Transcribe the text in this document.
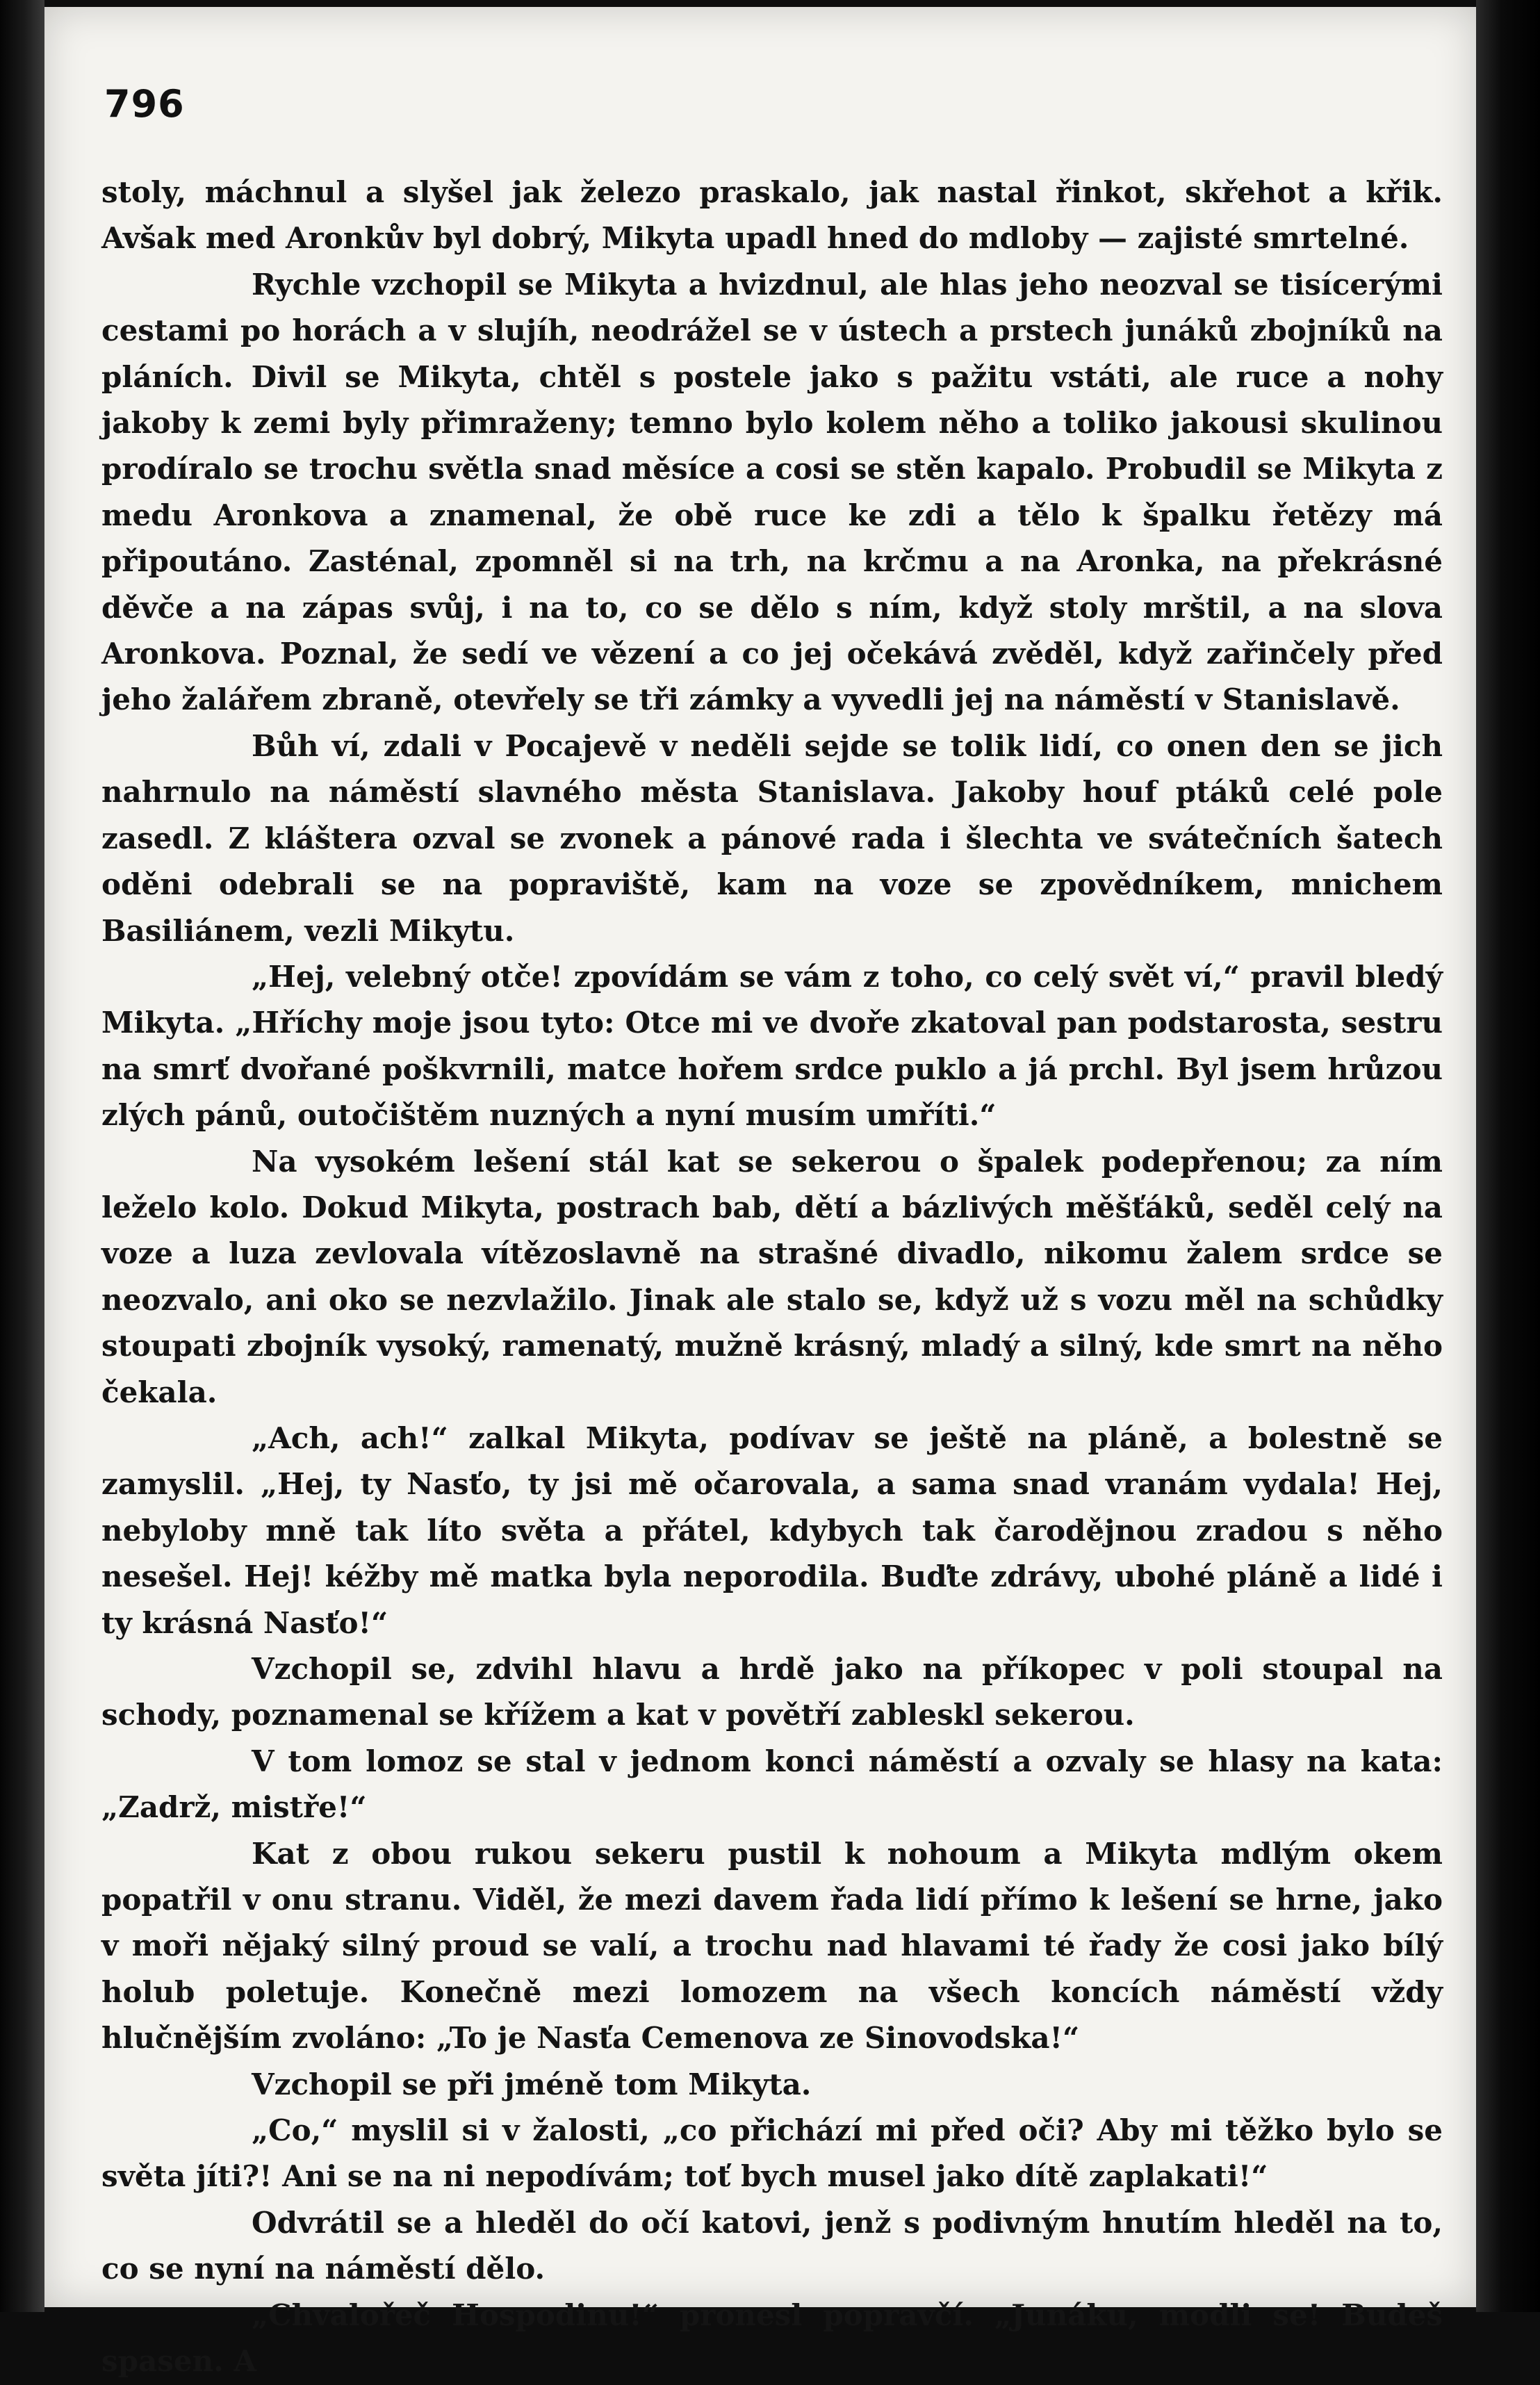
796

stoly, máchnul a slyšel jak železo praskalo, jak nastal řinkot, skřehot a křik. Avšak med Aronkův byl dobrý, Mikyta upadl hned do mdloby — zajisté smrtelné.

Rychle vzchopil se Mikyta a hvizdnul, ale hlas jeho neozval se tisícerými cestami po horách a v slujíh, neodrážel se v ústech a prstech junáků zbojníků na pláních. Divil se Mikyta, chtěl s postele jako s pažitu vstáti, ale ruce a nohy jakoby k zemi byly přimraženy; temno bylo kolem něho a toliko jakousi skulinou prodíralo se trochu světla snad měsíce a cosi se stěn kapalo. Probudil se Mikyta z medu Aronkova a znamenal, že obě ruce ke zdi a tělo k špalku řetězy má připoutáno. Zasténal, zpomněl si na trh, na krčmu a na Aronka, na překrásné děvče a na zápas svůj, i na to, co se dělo s ním, když stoly mrštil, a na slova Aronkova. Poznal, že sedí ve vězení a co jej očekává zvěděl, když zařinčely před jeho žalářem zbraně, otevřely se tři zámky a vyvedli jej na náměstí v Stanislavě.

Bůh ví, zdali v Pocajevě v neděli sejde se tolik lidí, co onen den se jich nahrnulo na náměstí slavného města Stanislava. Jakoby houf ptáků celé pole zasedl. Z kláštera ozval se zvonek a pánové rada i šlechta ve svátečních šatech oděni odebrali se na popraviště, kam na voze se zpovědníkem, mnichem Basiliánem, vezli Mikytu.

„Hej, velebný otče! zpovídám se vám z toho, co celý svět ví,“ pravil bledý Mikyta. „Hříchy moje jsou tyto: Otce mi ve dvoře zkatoval pan podstarosta, sestru na smrť dvořané poškvrnili, matce hořem srdce puklo a já prchl. Byl jsem hrůzou zlých pánů, outočištěm nuzných a nyní musím umříti.“

Na vysokém lešení stál kat se sekerou o špalek podepřenou; za ním leželo kolo. Dokud Mikyta, postrach bab, dětí a bázlivých měšťáků, seděl celý na voze a luza zevlovala vítězoslavně na strašné divadlo, nikomu žalem srdce se neozvalo, ani oko se nezvlažilo. Jinak ale stalo se, když už s vozu měl na schůdky stoupati zbojník vysoký, ramenatý, mužně krásný, mladý a silný, kde smrt na něho čekala.

„Ach, ach!“ zalkal Mikyta, podívav se ještě na pláně, a bolestně se zamyslil. „Hej, ty Nasťo, ty jsi mě očarovala, a sama snad vranám vydala! Hej, nebyloby mně tak líto světa a přátel, kdybych tak čarodějnou zradou s něho nesešel. Hej! kéžby mě matka byla neporodila. Buďte zdrávy, ubohé pláně a lidé i ty krásná Nasťo!“

Vzchopil se, zdvihl hlavu a hrdě jako na příkopec v poli stoupal na schody, poznamenal se křížem a kat v povětří zableskl sekerou.

V tom lomoz se stal v jednom konci náměstí a ozvaly se hlasy na kata: „Zadrž, mistře!“

Kat z obou rukou sekeru pustil k nohoum a Mikyta mdlým okem popatřil v onu stranu. Viděl, že mezi davem řada lidí přímo k lešení se hrne, jako v moři nějaký silný proud se valí, a trochu nad hlavami té řady že cosi jako bílý holub poletuje. Konečně mezi lomozem na všech koncích náměstí vždy hlučnějším zvoláno: „To je Nasťa Cemenova ze Sinovodska!“

Vzchopil se při jméně tom Mikyta.

„Co,“ myslil si v žalosti, „co přichází mi před oči? Aby mi těžko bylo se světa jíti?! Ani se na ni nepodívám; toť bych musel jako dítě zaplakati!“

Odvrátil se a hleděl do očí katovi, jenž s podivným hnutím hleděl na to, co se nyní na náměstí dělo.

„Chvalořeč Hospodinu!“ pronesl popravčí. „Junáku, modli se! Budeš spasen. A
